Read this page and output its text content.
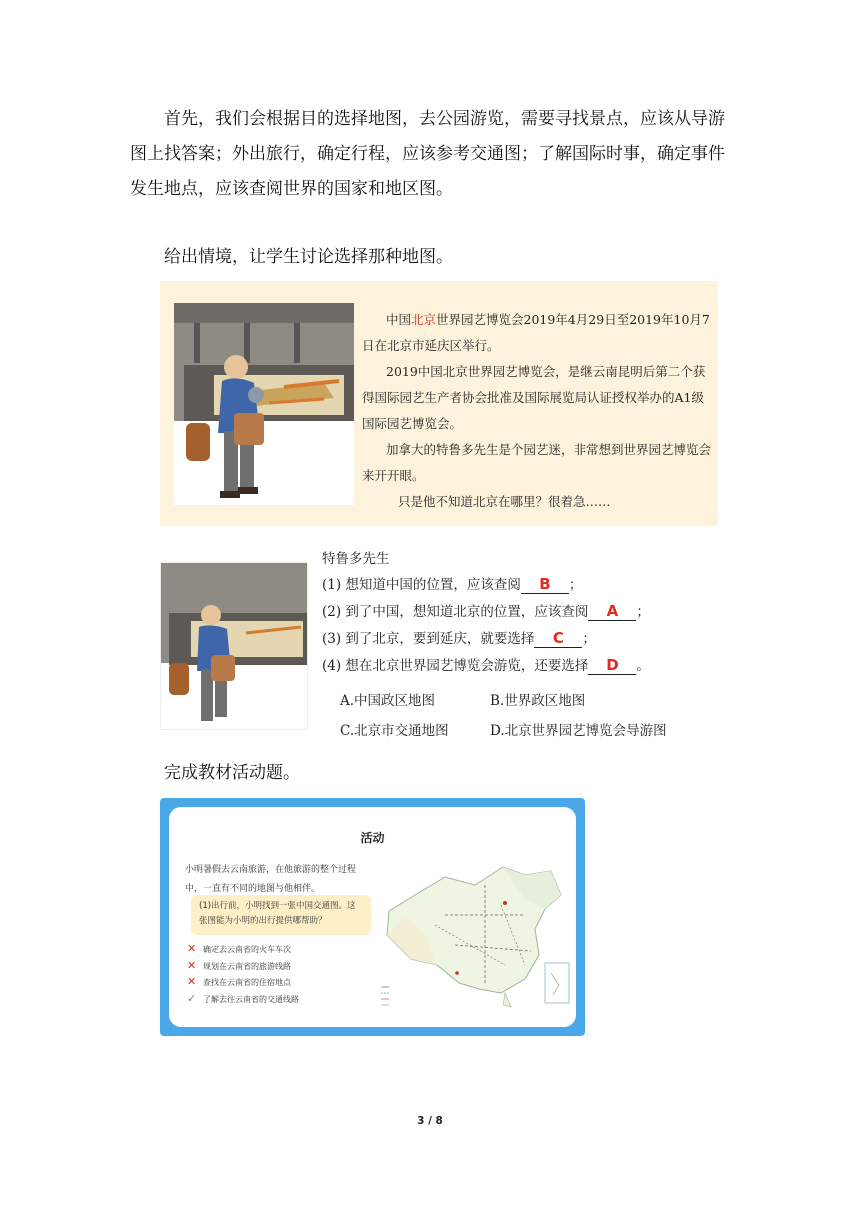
首先，我们会根据目的选择地图，去公园游览，需要寻找景点，应该从导游图上找答案；外出旅行，确定行程，应该参考交通图；了解国际时事，确定事件发生地点，应该查阅世界的国家和地区图。

给出情境，让学生讨论选择那种地图。

中国北京世界园艺博览会2019年4月29日至2019年10月7日在北京市延庆区举行。

2019中国北京世界园艺博览会，是继云南昆明后第二个获得国际园艺生产者协会批准及国际展览局认证授权举办的A1级国际园艺博览会。

加拿大的特鲁多先生是个园艺迷，非常想到世界园艺博览会来开开眼。

只是他不知道北京在哪里？很着急……

特鲁多先生
(1) 想知道中国的位置，应该查阅 B ；
(2) 到了中国，想知道北京的位置，应该查阅 A ；
(3) 到了北京，要到延庆，就要选择 C ；
(4) 想在北京世界园艺博览会游览，还要选择 D 。
A.中国政区地图	B.世界政区地图
C.北京市交通地图	D.北京世界园艺博览会导游图

完成教材活动题。

活动
小明暑假去云南旅游，在他旅游的整个过程中，一直有不同的地图与他相伴。
(1)出行前，小明找到一张中国交通图。这张图能为小明的出行提供哪帮助？
✕ 确定去云南省的火车车次
✕ 规划在云南省的旅游线路
✕ 查找在云南省的住宿地点
✓ 了解去往云南省的交通线路
3 / 8
